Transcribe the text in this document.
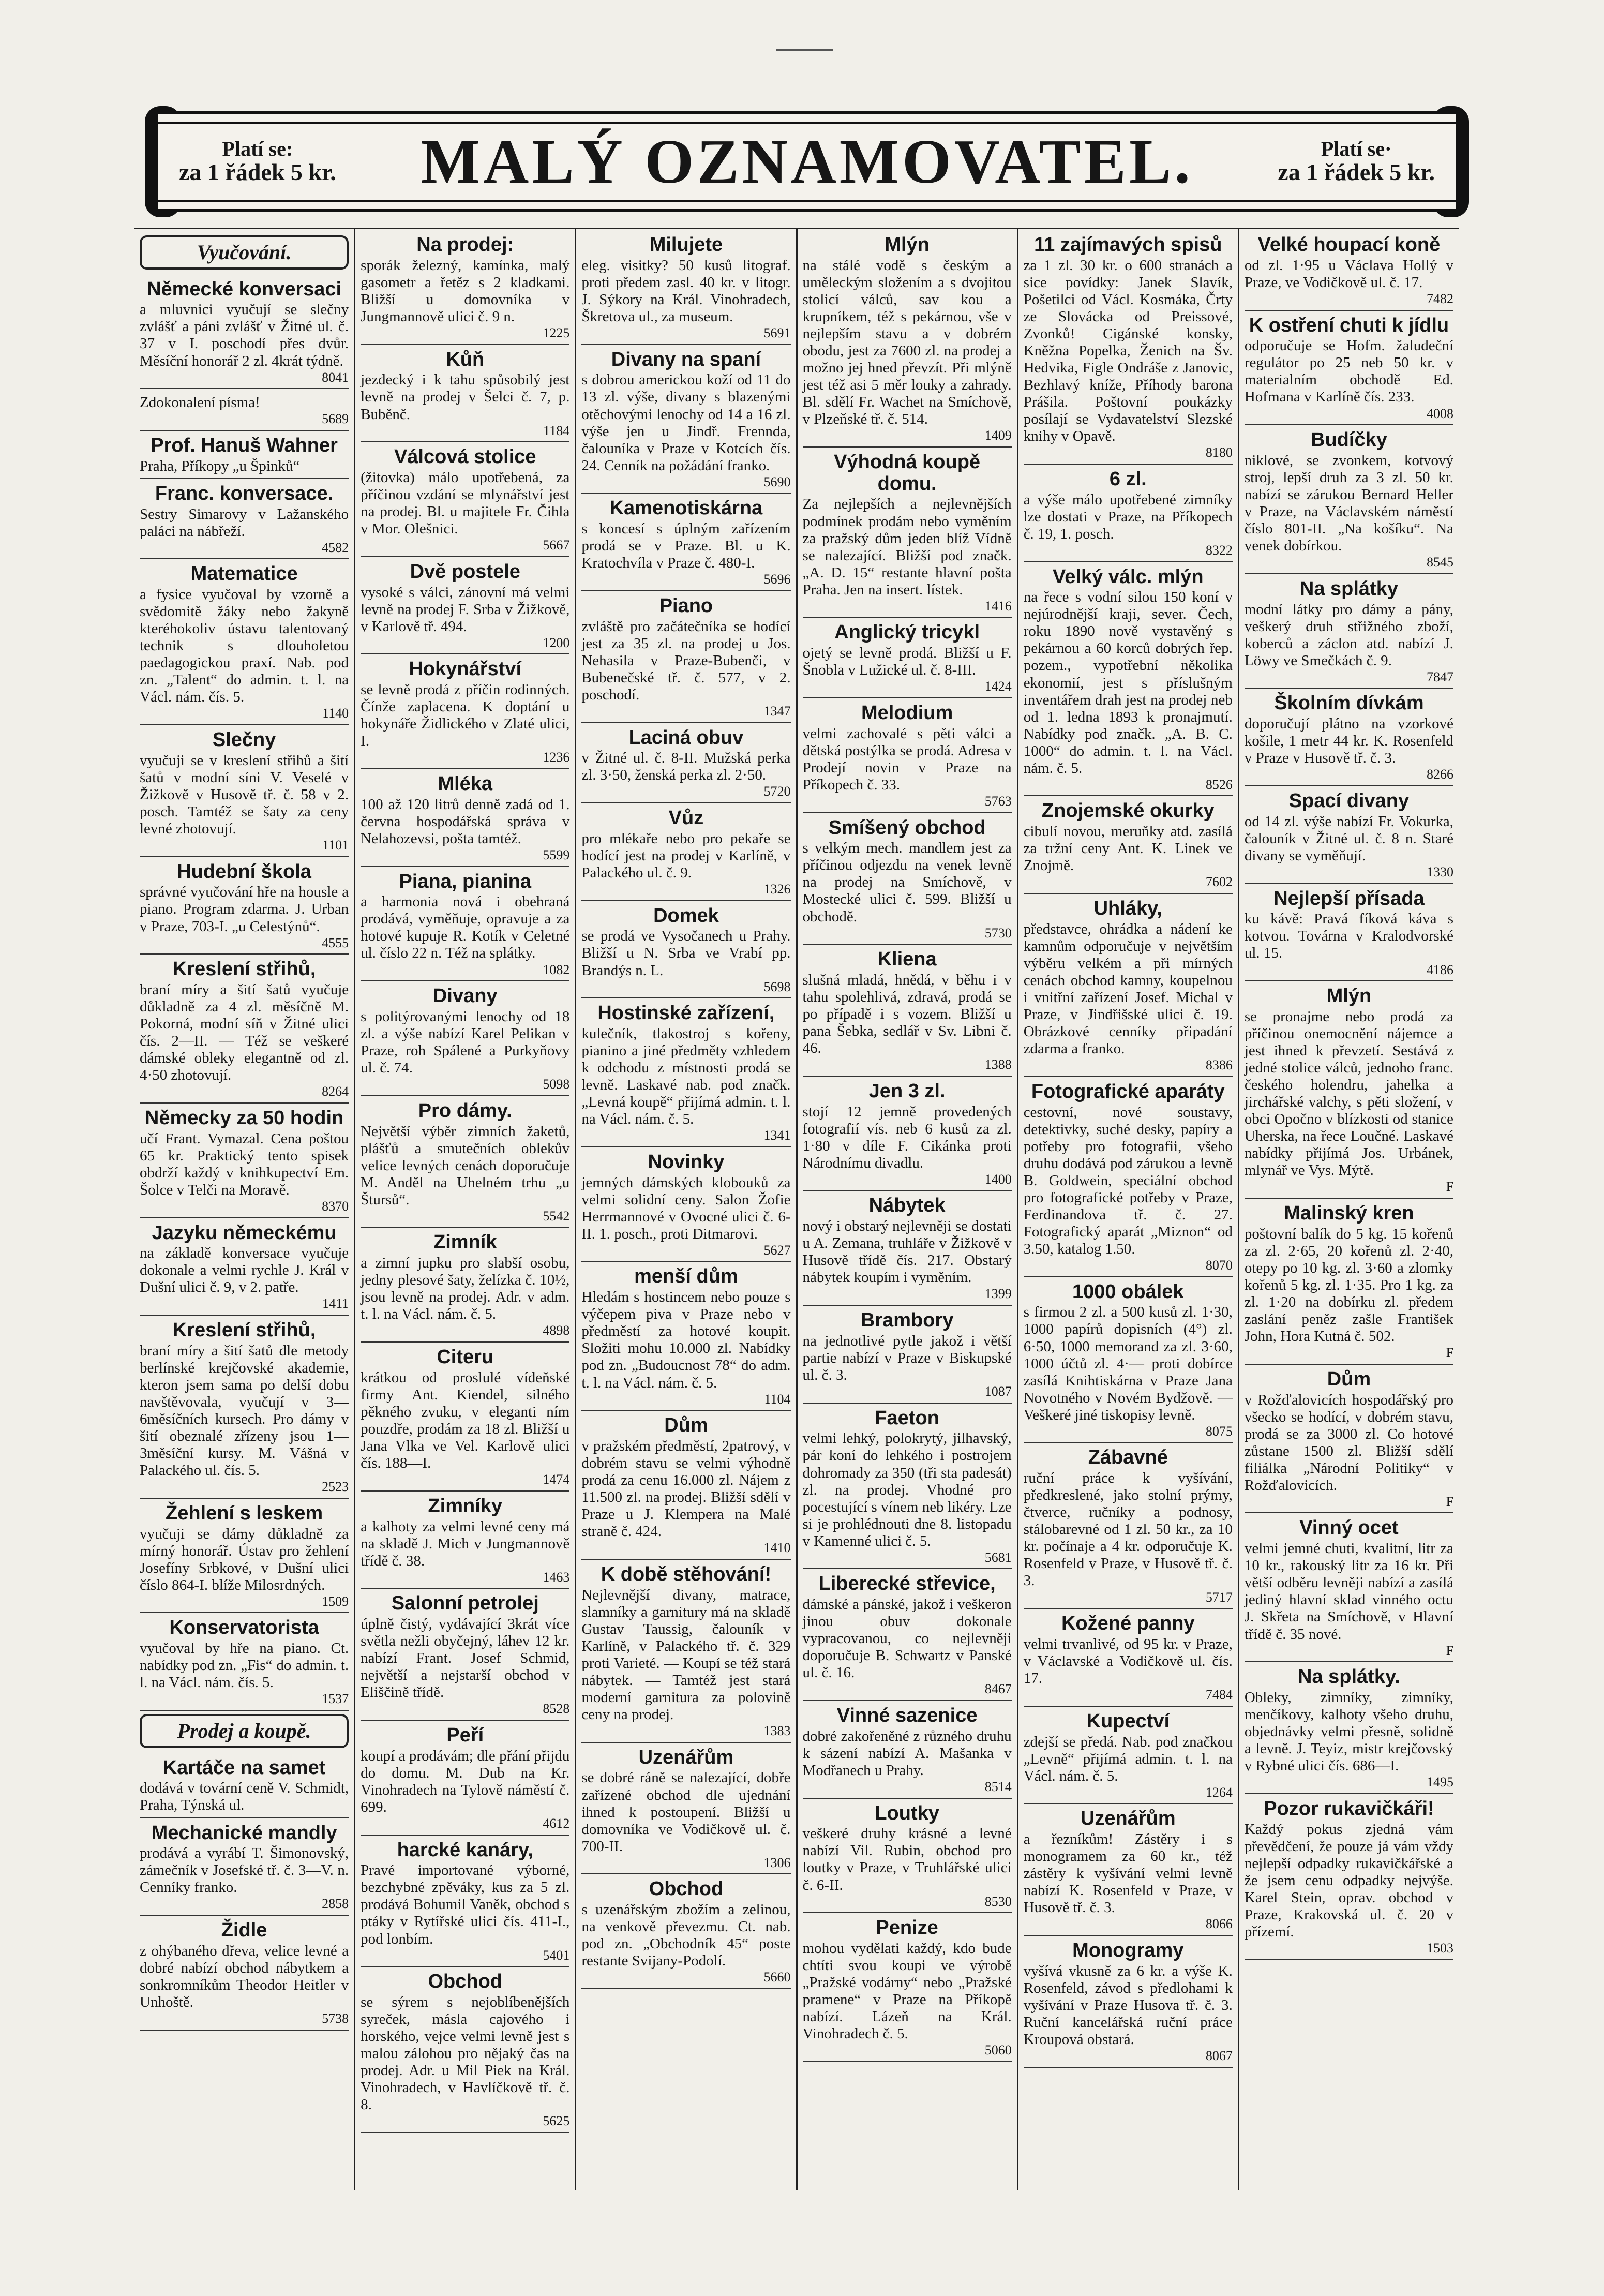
Platí se:
za 1 řádek 5 kr. MALÝ OZNAMOVATEL.	Platí se·
za 1 řádek 5 kr.
Vyučování.
Německé konversaci

a mluvnici vyučují se slečny zvlášť a páni zvlášť v Žitné ul. č. 37 v I. poschodí přes dvůr. Měsíční honorář 2 zl. 4krát týdně.

8041

Zdokonalení písma!

5689
Prof. Hanuš Wahner

Praha, Příkopy „u Špinků“

Franc. konversace.

Sestry Simarovy v Lažanského paláci na nábřeží.

4582
Matematice

a fysice vyučoval by vzorně a svědomitě žáky nebo žakyně kteréhokoliv ústavu talentovaný technik s dlouholetou paedagogickou praxí. Nab. pod zn. „Talent“ do admin. t. l. na Václ. nám. čís. 5.

1140
Slečny

vyučuji se v kreslení střihů a šití šatů v modní síni V. Veselé v Žižkově v Husově tř. č. 58 v 2. posch. Tamtéž se šaty za ceny levné zhotovují.

1101
Hudební škola

správné vyučování hře na housle a piano. Program zdarma. J. Urban v Praze, 703-I. „u Celestýnů“.

4555
Kreslení střihů,

braní míry a šití šatů vyučuje důkladně za 4 zl. měsíčně M. Pokorná, modní síň v Žitné ulici čís. 2—II. — Též se veškeré dámské obleky elegantně od zl. 4·50 zhotovují.

8264
Německy za 50 hodin

učí Frant. Vymazal. Cena poštou 65 kr. Praktický tento spisek obdrží každý v knihkupectví Em. Šolce v Telči na Moravě.

8370
Jazyku německému

na základě konversace vyučuje dokonale a velmi rychle J. Král v Dušní ulici č. 9, v 2. patře.

1411
Kreslení střihů,

braní míry a šití šatů dle metody berlínské krejčovské akademie, kteron jsem sama po delší dobu navštěvovala, vyučují v 3—6měsíčních kursech. Pro dámy v šití obeznalé zřízeny jsou 1—3měsíční kursy. M. Vášná v Palackého ul. čís. 5.

2523
Žehlení s leskem

vyučuji se dámy důkladně za mírný honorář. Ústav pro žehlení Josefíny Srbkové, v Dušní ulici číslo 864-I. blíže Milosrdných.

1509
Konservatorista

vyučoval by hře na piano. Ct. nabídky pod zn. „Fis“ do admin. t. l. na Václ. nám. čís. 5.

1537
Prodej a koupě.
Kartáče na samet

dodává v tovární ceně V. Schmidt, Praha, Týnská ul.

Mechanické mandly

prodává a vyrábí T. Šimonovský, zámečník v Josefské tř. č. 3—V. n. Cenníky franko.

2858
Židle

z ohýbaného dřeva, velice levné a dobré nabízí obchod nábytkem a sonkromníkům Theodor Heitler v Unhoště.

5738
Na prodej:

sporák železný, kamínka, malý gasometr a řetěz s 2 kladkami. Bližší u domovníka v Jungmannově ulici č. 9 n.

1225
Kůň

jezdecký i k tahu spůsobilý jest levně na prodej v Šelci č. 7, p. Buběnč.

1184
Válcová stolice

(žitovka) málo upotřebená, za příčinou vzdání se mlynářství jest na prodej. Bl. u majitele Fr. Čihla v Mor. Olešnici.

5667
Dvě postele

vysoké s válci, zánovní má velmi levně na prodej F. Srba v Žižkově, v Karlově tř. 494.

1200
Hokynářství

se levně prodá z příčin rodinných. Čínže zaplacena. K doptání u hokynáře Židlického v Zlaté ulici, I.

1236
Mléka

100 až 120 litrů denně zadá od 1. června hospodářská správa v Nelahozevsi, pošta tamtéž.

5599
Piana, pianina

a harmonia nová i obehraná prodává, vyměňuje, opravuje a za hotové kupuje R. Kotík v Celetné ul. číslo 22 n. Též na splátky.

1082
Divany

s politýrovanými lenochy od 18 zl. a výše nabízí Karel Pelikan v Praze, roh Spálené a Purkyňovy ul. č. 74.

5098
Pro dámy.

Největší výběr zimních žaketů, plášťů a smutečních oblekův velice levných cenách doporučuje M. Anděl na Uhelném trhu „u Štursů“.

5542
Zimník

a zimní jupku pro slabší osobu, jedny plesové šaty, želízka č. 10½, jsou levně na prodej. Adr. v adm. t. l. na Václ. nám. č. 5.

4898
Citeru

krátkou od proslulé vídeňské firmy Ant. Kiendel, silného pěkného zvuku, v eleganti ním pouzdře, prodám za 18 zl. Bližší u Jana Vlka ve Vel. Karlově ulici čís. 188—I.

1474
Zimníky

a kalhoty za velmi levné ceny má na skladě J. Mich v Jungmannově třídě č. 38.

1463
Salonní petrolej

úplně čistý, vydávající 3krát více světla nežli obyčejný, láhev 12 kr. nabízí Frant. Josef Schmid, největší a nejstarší obchod v Eliščině třídě.

8528
Peří

koupí a prodávám; dle přání přijdu do domu. M. Dub na Kr. Vinohradech na Tylově náměstí č. 699.

4612
harcké kanáry,

Pravé importované výborné, bezchybné zpěváky, kus za 5 zl. prodává Bohumil Vaněk, obchod s ptáky v Rytířské ulici čís. 411-I., pod lonbím.

5401
Obchod

se sýrem s nejoblíbenějších syreček, másla cajového i horského, vejce velmi levně jest s malou zálohou pro nějaký čas na prodej. Adr. u Mil Piek na Král. Vinohradech, v Havlíčkově tř. č. 8.

5625
Milujete

eleg. visitky? 50 kusů litograf. proti předem zasl. 40 kr. v litogr. J. Sýkory na Král. Vinohradech, Škretova ul., za museum.

5691
Divany na spaní

s dobrou americkou koží od 11 do 13 zl. výše, divany s blazenými otěchovými lenochy od 14 a 16 zl. výše jen u Jindř. Frennda, čalouníka v Praze v Kotcích čís. 24. Cenník na požádání franko.

5690
Kamenotiskárna

s koncesí s úplným zařízením prodá se v Praze. Bl. u K. Kratochvíla v Praze č. 480-I.

5696
Piano

zvláště pro začátečníka se hodící jest za 35 zl. na prodej u Jos. Nehasila v Praze-Bubenči, v Bubenečské tř. č. 577, v 2. poschodí.

1347
Laciná obuv

v Žitné ul. č. 8-II. Mužská perka zl. 3·50, ženská perka zl. 2·50.

5720
Vůz

pro mlékaře nebo pro pekaře se hodící jest na prodej v Karlíně, v Palackého ul. č. 9.

1326
Domek

se prodá ve Vysočanech u Prahy. Bližší u N. Srba ve Vrabí pp. Brandýs n. L.

5698
Hostinské zařízení,

kulečník, tlakostroj s kořeny, pianino a jiné předměty vzhledem k odchodu z místnosti prodá se levně. Laskavé nab. pod značk. „Levná koupě“ přijímá admin. t. l. na Václ. nám. č. 5.

1341
Novinky

jemných dámských klobouků za velmi solidní ceny. Salon Žofie Herrmannové v Ovocné ulici č. 6-II. 1. posch., proti Ditmarovi.

5627
menší dům

Hledám s hostincem nebo pouze s výčepem piva v Praze nebo v předměstí za hotové koupit. Složiti mohu 10.000 zl. Nabídky pod zn. „Budoucnost 78“ do adm. t. l. na Václ. nám. č. 5.

1104
Dům

v pražském předměstí, 2patrový, v dobrém stavu se velmi výhodně prodá za cenu 16.000 zl. Nájem z 11.500 zl. na prodej. Bližší sdělí v Praze u J. Klempera na Malé straně č. 424.

1410
K době stěhování!

Nejlevnější divany, matrace, slamníky a garnitury má na skladě Gustav Taussig, čalouník v Karlíně, v Palackého tř. č. 329 proti Varieté. — Koupí se též stará nábytek. — Tamtéž jest stará moderní garnitura za polovině ceny na prodej.

1383
Uzenářům

se dobré ráně se nalezající, dobře zařízené obchod dle ujednání ihned k postoupení. Bližší u domovníka ve Vodičkově ul. č. 700-II.

1306
Obchod

s uzenářským zbožím a zelinou, na venkově převezmu. Ct. nab. pod zn. „Obchodník 45“ poste restante Svijany-Podolí.

5660
Mlýn

na stálé vodě s českým a uměleckým složením a s dvojitou stolicí válců, sav kou a krupníkem, též s pekárnou, vše v nejlepším stavu a v dobrém obodu, jest za 7600 zl. na prodej a možno jej hned převzít. Při mlýně jest též asi 5 měr louky a zahrady. Bl. sdělí Fr. Wachet na Smíchově, v Plzeňské tř. č. 514.

1409
Výhodná koupě domu.

Za nejlepších a nejlevnějších podmínek prodám nebo vyměním za pražský dům jeden blíž Vídně se nalezající. Bližší pod značk. „A. D. 15“ restante hlavní pošta Praha. Jen na insert. lístek.

1416
Anglický tricykl

ojetý se levně prodá. Bližší u F. Šnobla v Lužické ul. č. 8-III.

1424
Melodium

velmi zachovalé s pěti válci a dětská postýlka se prodá. Adresa v Prodejí novin v Praze na Příkopech č. 33.

5763
Smíšený obchod

s velkým mech. mandlem jest za příčinou odjezdu na venek levně na prodej na Smíchově, v Mostecké ulici č. 599. Bližší u obchodě.

5730
Kliena

slušná mladá, hnědá, v běhu i v tahu spolehlivá, zdravá, prodá se po případě i s vozem. Bližší u pana Šebka, sedlář v Sv. Libni č. 46.

1388
Jen 3 zl.

stojí 12 jemně provedených fotografií vís. neb 6 kusů za zl. 1·80 v díle F. Cikánka proti Národnímu divadlu.

1400
Nábytek

nový i obstarý nejlevněji se dostati u A. Zemana, truhláře v Žižkově v Husově třídě čís. 217. Obstarý nábytek koupím i vyměním.

1399
Brambory

na jednotlivé pytle jakož i větší partie nabízí v Praze v Biskupské ul. č. 3.

1087
Faeton

velmi lehký, polokrytý, jilhavský, pár koní do lehkého i postrojem dohromady za 350 (tři sta padesát) zl. na prodej. Vhodné pro pocestující s vínem neb likéry. Lze si je prohlédnouti dne 8. listopadu v Kamenné ulici č. 5.

5681
Liberecké střevice,

dámské a pánské, jakož i veškeron jinou obuv dokonale vypracovanou, co nejlevněji doporučuje B. Schwartz v Panské ul. č. 16.

8467
Vinné sazenice

dobré zakořeněné z různého druhu k sázení nabízí A. Mašanka v Modřanech u Prahy.

8514
Loutky

veškeré druhy krásné a levné nabízí Vil. Rubin, obchod pro loutky v Praze, v Truhlářské ulici č. 6-II.

8530
Penize

mohou vydělati každý, kdo bude chtíti svou koupi ve výrobě „Pražské vodárny“ nebo „Pražské pramene“ v Praze na Příkopě nabízí. Lázeň na Král. Vinohradech č. 5.

5060
11 zajímavých spisů

za 1 zl. 30 kr. o 600 stranách a sice povídky: Janek Slavík, Pošetilci od Václ. Kosmáka, Črty ze Slovácka od Preissové, Zvonků! Cigánské konsky, Kněžna Popelka, Ženich na Šv. Hedvika, Figle Ondráše z Janovic, Bezhlavý kníže, Příhody barona Prášila. Poštovní poukázky posílají se Vydavatelství Slezské knihy v Opavě.

8180
6 zl.

a výše málo upotřebené zimníky lze dostati v Praze, na Příkopech č. 19, 1. posch.

8322
Velký válc. mlýn

na řece s vodní silou 150 koní v nejúrodnější kraji, sever. Čech, roku 1890 nově vystavěný s pekárnou a 60 korců dobrých řep. pozem., vypotřební několika ekonomií, jest s příslušným inventářem drah jest na prodej neb od 1. ledna 1893 k pronajmutí. Nabídky pod značk. „A. B. C. 1000“ do admin. t. l. na Václ. nám. č. 5.

8526
Znojemské okurky

cibulí novou, meruňky atd. zasílá za tržní ceny Ant. K. Linek ve Znojmě.

7602
Uhláky,

představce, ohrádka a nádení ke kamnům odporučuje v největším výběru velkém a při mírných cenách obchod kamny, koupelnou i vnitřní zařízení Josef. Michal v Praze, v Jindřišské ulici č. 19. Obrázkové cenníky připadání zdarma a franko.

8386
Fotografické aparáty

cestovní, nové soustavy, detektivky, suché desky, papíry a potřeby pro fotografii, všeho druhu dodává pod zárukou a levně B. Goldwein, speciální obchod pro fotografické potřeby v Praze, Ferdinandova tř. č. 27. Fotografický aparát „Miznon“ od 3.50, katalog 1.50.

8070
1000 obálek

s firmou 2 zl. a 500 kusů zl. 1·30, 1000 papírů dopisních (4°) zl. 6·50, 1000 memorand za zl. 3·60, 1000 účtů zl. 4·— proti dobírce zasílá Knihtiskárna v Praze Jana Novotného v Novém Bydžově. — Veškeré jiné tiskopisy levně.

8075
Zábavné

ruční práce k vyšívání, předkreslené, jako stolní prýmy, čtverce, ručníky a podnosy, stálobarevné od 1 zl. 50 kr., za 10 kr. počínaje a 4 kr. odporučuje K. Rosenfeld v Praze, v Husově tř. č. 3.

5717
Kožené panny

velmi trvanlivé, od 95 kr. v Praze, v Václavské a Vodičkově ul. čís. 17.

7484
Kupectví

zdejší se předá. Nab. pod značkou „Levně“ přijímá admin. t. l. na Václ. nám. č. 5.

1264
Uzenářům

a řezníkům! Zástěry i s monogramem za 60 kr., též zástěry k vyšívání velmi levně nabízí K. Rosenfeld v Praze, v Husově tř. č. 3.

8066
Monogramy

vyšívá vkusně za 6 kr. a výše K. Rosenfeld, závod s předlohami k vyšívání v Praze Husova tř. č. 3. Ruční kancelářská ruční práce Kroupová obstará.

8067
Velké houpací koně

od zl. 1·95 u Václava Hollý v Praze, ve Vodičkově ul. č. 17.

7482
K ostření chuti k jídlu

odporučuje se Hofm. žaludeční regulátor po 25 neb 50 kr. v materialním obchodě Ed. Hofmana v Karlíně čís. 233.

4008
Budíčky

niklové, se zvonkem, kotvový stroj, lepší druh za 3 zl. 50 kr. nabízí se zárukou Bernard Heller v Praze, na Václavském náměstí číslo 801-II. „Na košíku“. Na venek dobírkou.

8545
Na splátky

modní látky pro dámy a pány, veškerý druh střižného zboží, koberců a záclon atd. nabízí J. Löwy ve Smečkách č. 9.

7847
Školním dívkám

doporučují plátno na vzorkové košile, 1 metr 44 kr. K. Rosenfeld v Praze v Husově tř. č. 3.

8266
Spací divany

od 14 zl. výše nabízí Fr. Vokurka, čalouník v Žitné ul. č. 8 n. Staré divany se vyměňují.

1330
Nejlepší přísada

ku kávě: Pravá fíková káva s kotvou. Továrna v Kralodvorské ul. 15.

4186
Mlýn

se pronajme nebo prodá za příčinou onemocnění nájemce a jest ihned k převzetí. Sestává z jedné stolice válců, jednoho franc. českého holendru, jahelka a jirchářské valchy, s pěti složení, v obci Opočno v blízkosti od stanice Uherska, na řece Loučné. Laskavé nabídky přijímá Jos. Urbánek, mlynář ve Vys. Mýtě.

F
Malinský kren

poštovní balík do 5 kg. 15 kořenů za zl. 2·65, 20 kořenů zl. 2·40, otepy po 10 kg. zl. 3·60 a zlomky kořenů 5 kg. zl. 1·35. Pro 1 kg. za zl. 1·20 na dobírku zl. předem zaslání peněz zašle František John, Hora Kutná č. 502.

F
Dům

v Rožďalovicích hospodářský pro všecko se hodící, v dobrém stavu, prodá se za 3000 zl. Co hotové zůstane 1500 zl. Bližší sdělí filiálka „Národní Politiky“ v Rožďalovicích.

F
Vinný ocet

velmi jemné chuti, kvalitní, litr za 10 kr., rakouský litr za 16 kr. Při větší odběru levněji nabízí a zasílá jediný hlavní sklad vinného octu J. Skřeta na Smíchově, v Hlavní třídě č. 35 nové.

F
Na splátky.

Obleky, zimníky, zimníky, menčíkovy, kalhoty všeho druhu, objednávky velmi přesně, solidně a levně. J. Teyiz, mistr krejčovský v Rybné ulici čís. 686—I.

1495
Pozor rukavičkáři!

Každý pokus zjedná vám převědčení, že pouze já vám vždy nejlepší odpadky rukavičkářské a že jsem cenu odpadky nejvýše. Karel Stein, oprav. obchod v Praze, Krakovská ul. č. 20 v přízemí.

1503
